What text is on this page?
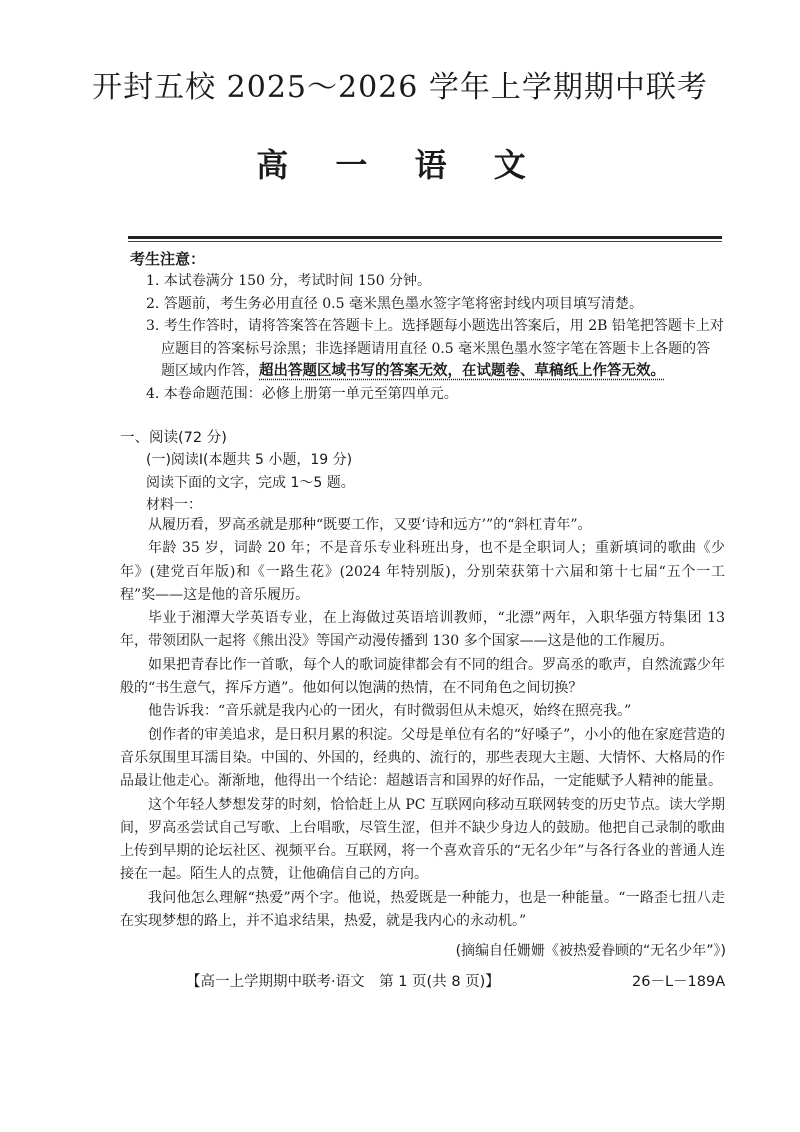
开封五校 2025～2026 学年上学期期中联考
高 一 语 文
考生注意：
1. 本试卷满分 150 分，考试时间 150 分钟。
2. 答题前，考生务必用直径 0.5 毫米黑色墨水签字笔将密封线内项目填写清楚。
3. 考生作答时，请将答案答在答题卡上。选择题每小题选出答案后，用 2B 铅笔把答题卡上对
应题目的答案标号涂黑；非选择题请用直径 0.5 毫米黑色墨水签字笔在答题卡上各题的答
题区域内作答，超出答题区域书写的答案无效，在试题卷、草稿纸上作答无效。
4. 本卷命题范围：必修上册第一单元至第四单元。
一、阅读(72 分)
(一)阅读Ⅰ(本题共 5 小题，19 分)
阅读下面的文字，完成 1～5 题。
材料一：

从履历看，罗高丞就是那种“既要工作，又要‘诗和远方’”的“斜杠青年”。

年龄 35 岁，词龄 20 年；不是音乐专业科班出身，也不是全职词人；重新填词的歌曲《少年》(建党百年版)和《一路生花》(2024 年特别版)，分别荣获第十六届和第十七届“五个一工程”奖——这是他的音乐履历。

毕业于湘潭大学英语专业，在上海做过英语培训教师，“北漂”两年，入职华强方特集团 13 年，带领团队一起将《熊出没》等国产动漫传播到 130 多个国家——这是他的工作履历。

如果把青春比作一首歌，每个人的歌词旋律都会有不同的组合。罗高丞的歌声，自然流露少年般的“书生意气，挥斥方遒”。他如何以饱满的热情，在不同角色之间切换？

他告诉我：“音乐就是我内心的一团火，有时微弱但从未熄灭，始终在照亮我。”

创作者的审美追求，是日积月累的积淀。父母是单位有名的“好嗓子”，小小的他在家庭营造的音乐氛围里耳濡目染。中国的、外国的，经典的、流行的，那些表现大主题、大情怀、大格局的作品最让他走心。渐渐地，他得出一个结论：超越语言和国界的好作品，一定能赋予人精神的能量。

这个年轻人梦想发芽的时刻，恰恰赶上从 PC 互联网向移动互联网转变的历史节点。读大学期间，罗高丞尝试自己写歌、上台唱歌，尽管生涩，但并不缺少身边人的鼓励。他把自己录制的歌曲上传到早期的论坛社区、视频平台。互联网，将一个喜欢音乐的“无名少年”与各行各业的普通人连接在一起。陌生人的点赞，让他确信自己的方向。

我问他怎么理解“热爱”两个字。他说，热爱既是一种能力，也是一种能量。“一路歪七扭八走在实现梦想的路上，并不追求结果，热爱，就是我内心的永动机。”

(摘编自任姗姗《被热爱眷顾的“无名少年”》)
【高一上学期期中联考·语文　第 1 页(共 8 页)】	26－L－189A
